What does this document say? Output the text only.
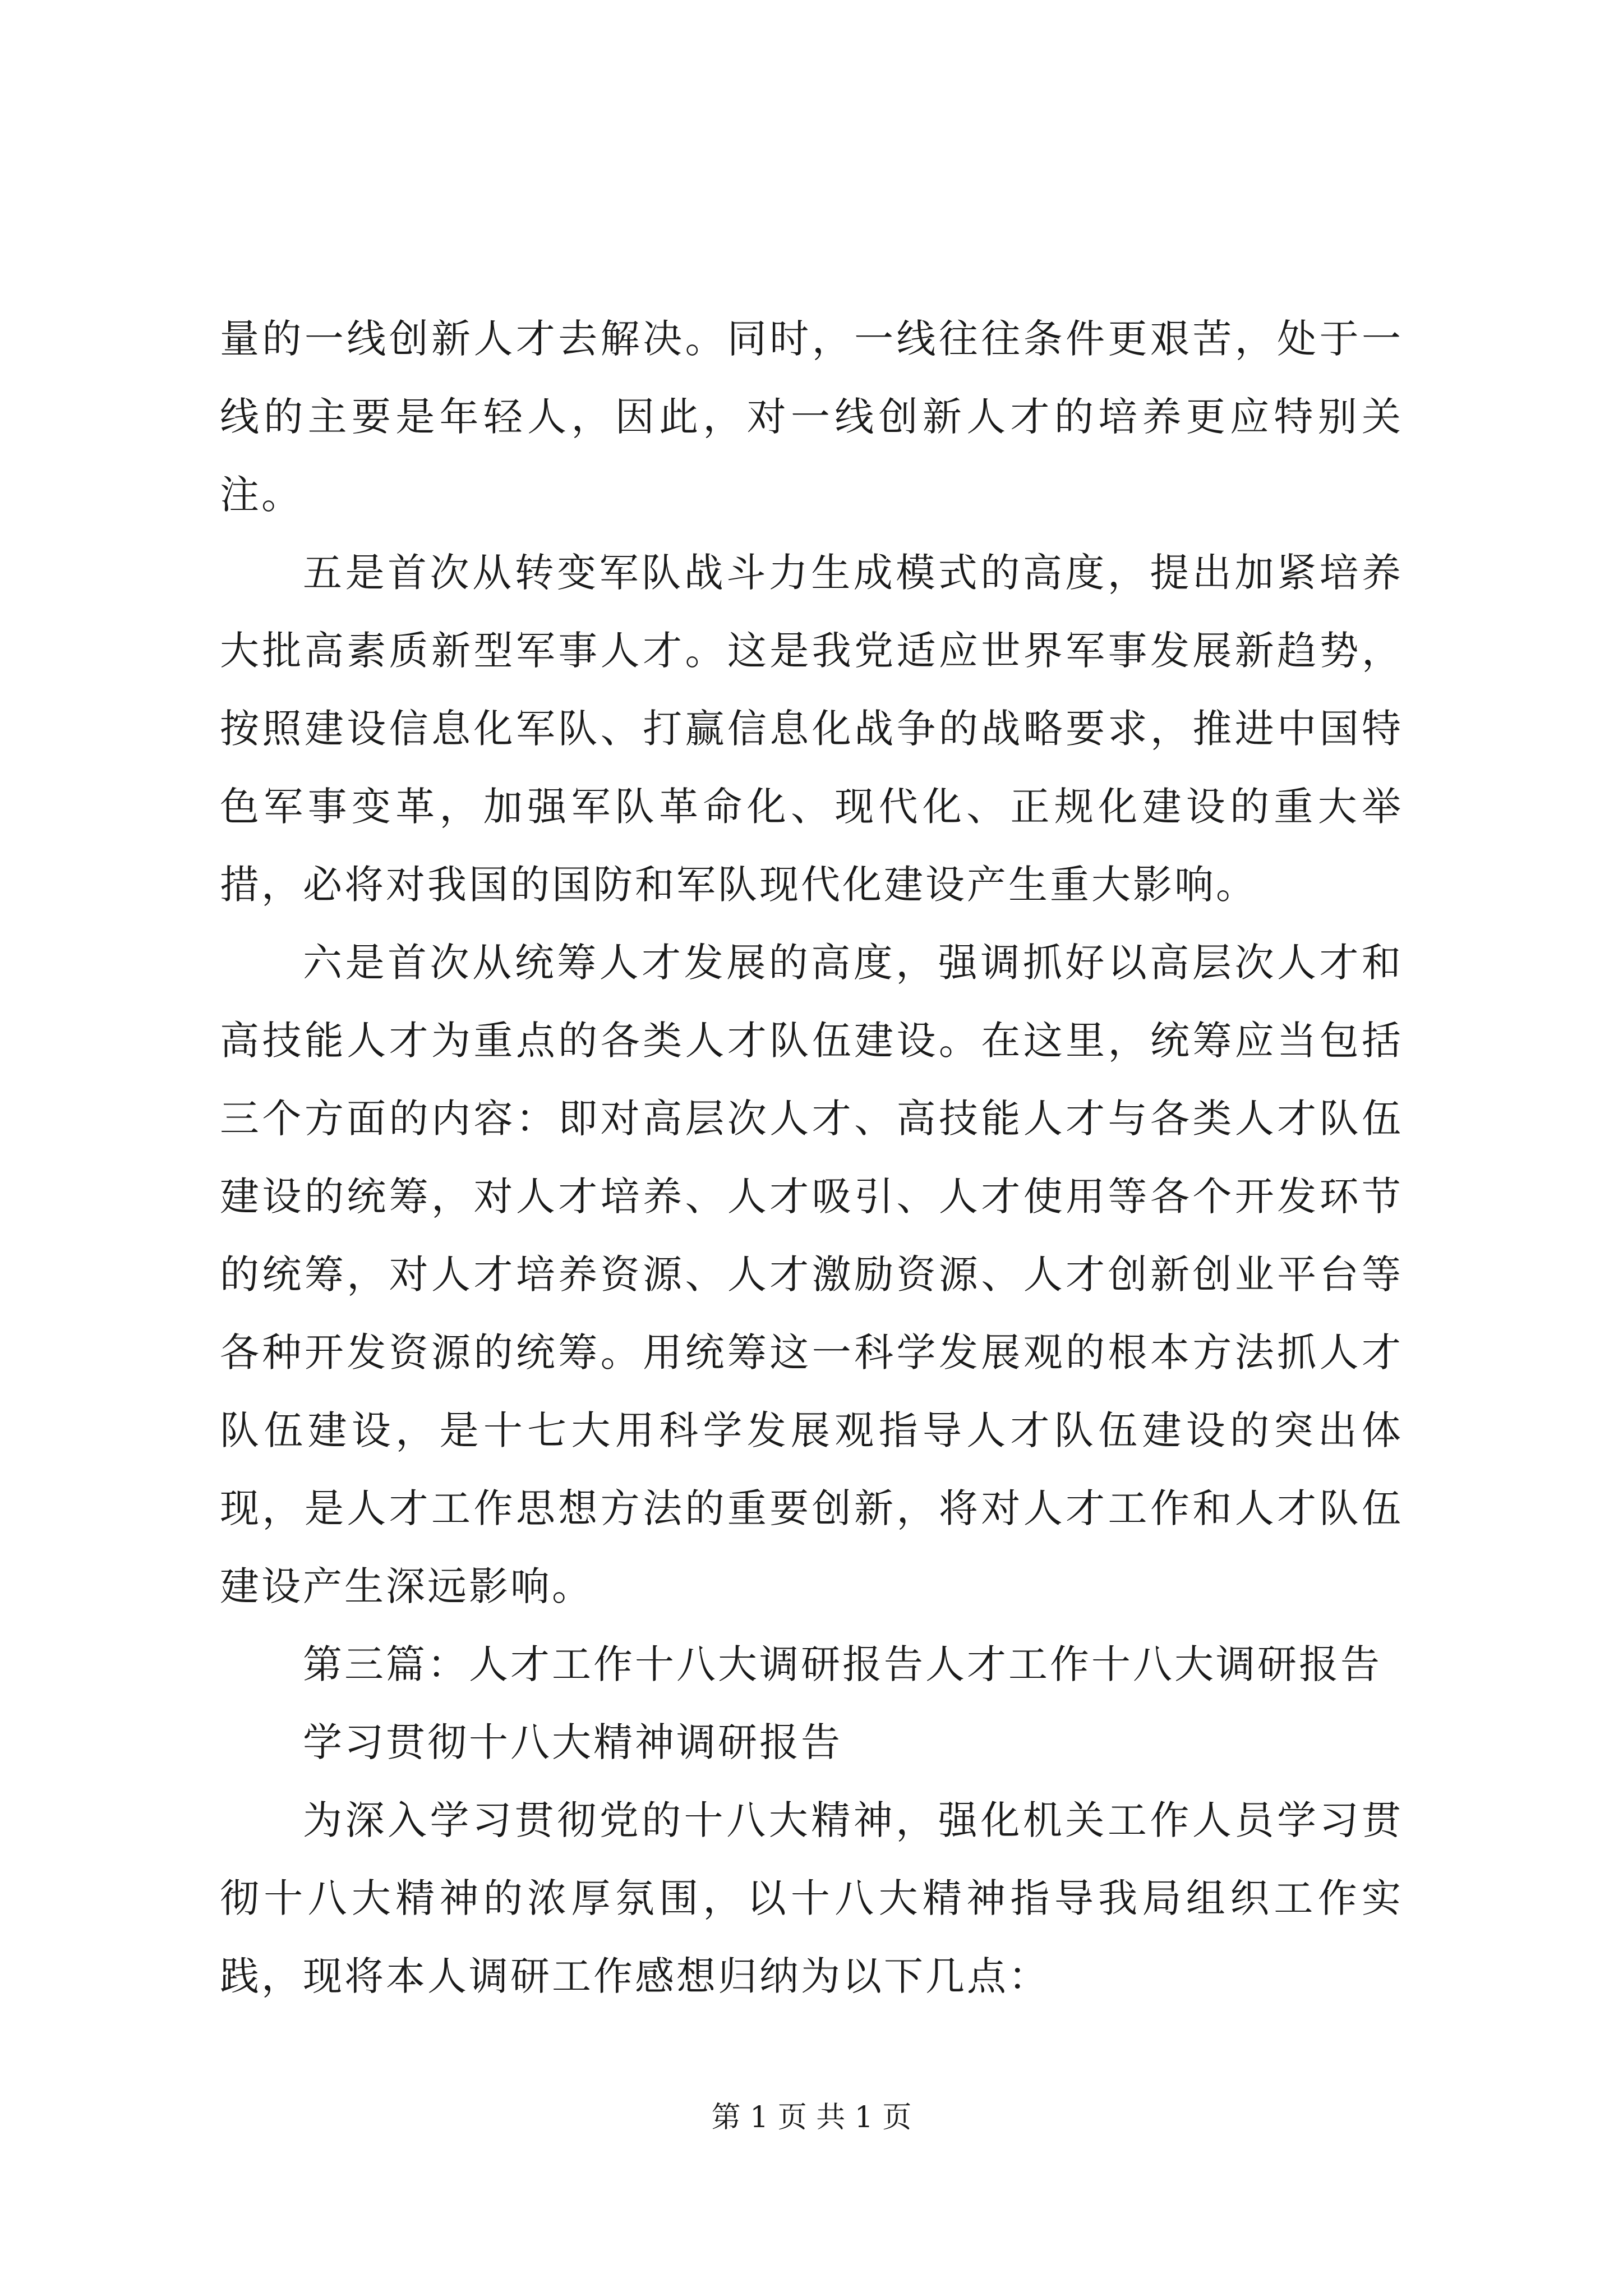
量的一线创新人才去解决。同时，一线往往条件更艰苦，处于一线的主要是年轻人，因此，对一线创新人才的培养更应特别关注。

五是首次从转变军队战斗力生成模式的高度，提出加紧培养大批高素质新型军事人才。这是我党适应世界军事发展新趋势，按照建设信息化军队、打赢信息化战争的战略要求，推进中国特色军事变革，加强军队革命化、现代化、正规化建设的重大举措，必将对我国的国防和军队现代化建设产生重大影响。

六是首次从统筹人才发展的高度，强调抓好以高层次人才和高技能人才为重点的各类人才队伍建设。在这里，统筹应当包括三个方面的内容：即对高层次人才、高技能人才与各类人才队伍建设的统筹，对人才培养、人才吸引、人才使用等各个开发环节的统筹，对人才培养资源、人才激励资源、人才创新创业平台等各种开发资源的统筹。用统筹这一科学发展观的根本方法抓人才队伍建设，是十七大用科学发展观指导人才队伍建设的突出体现，是人才工作思想方法的重要创新，将对人才工作和人才队伍建设产生深远影响。

第三篇：人才工作十八大调研报告人才工作十八大调研报告

学习贯彻十八大精神调研报告

为深入学习贯彻党的十八大精神，强化机关工作人员学习贯彻十八大精神的浓厚氛围，以十八大精神指导我局组织工作实践，现将本人调研工作感想归纳为以下几点：

第 1 页 共 1 页
